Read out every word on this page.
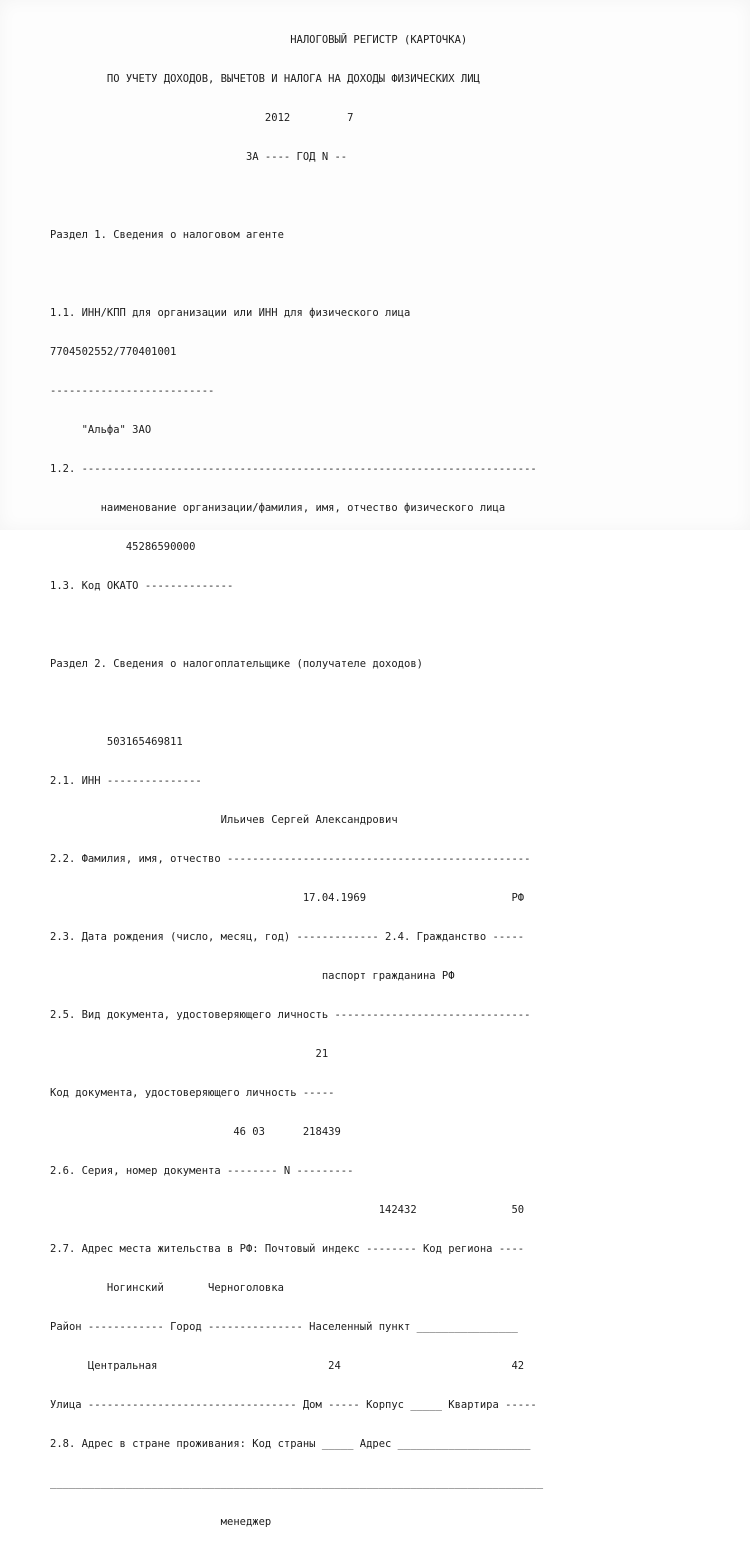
НАЛОГОВЫЙ РЕГИСТР (КАРТОЧКА)

ПО УЧЕТУ ДОХОДОВ, ВЫЧЕТОВ И НАЛОГА НА ДОХОДЫ ФИЗИЧЕСКИХ ЛИЦ

2012         7

ЗА ---- ГОД N --

Раздел 1. Сведения о налоговом агенте

1.1. ИНН/КПП для организации или ИНН для физического лица

7704502552/770401001

--------------------------

"Альфа" ЗАО

1.2. ------------------------------------------------------------------------

наименование организации/фамилия, имя, отчество физического лица

45286590000

1.3. Код ОКАТО --------------

Раздел 2. Сведения о налогоплательщике (получателе доходов)

503165469811

2.1. ИНН ---------------

Ильичев Сергей Александрович

2.2. Фамилия, имя, отчество ------------------------------------------------

17.04.1969                       РФ

2.3. Дата рождения (число, месяц, год) ------------- 2.4. Гражданство -----

паспорт гражданина РФ

2.5. Вид документа, удостоверяющего личность -------------------------------

21

Код документа, удостоверяющего личность -----

46 03      218439

2.6. Серия, номер документа -------- N ---------

142432               50

2.7. Адрес места жительства в РФ: Почтовый индекс -------- Код региона ----

Ногинский       Черноголовка

Район ------------ Город --------------- Населенный пункт ________________

Центральная                           24                           42

Улица --------------------------------- Дом ----- Корпус _____ Квартира -----

2.8. Адрес в стране проживания: Код страны _____ Адрес _____________________

______________________________________________________________________________

менеджер
